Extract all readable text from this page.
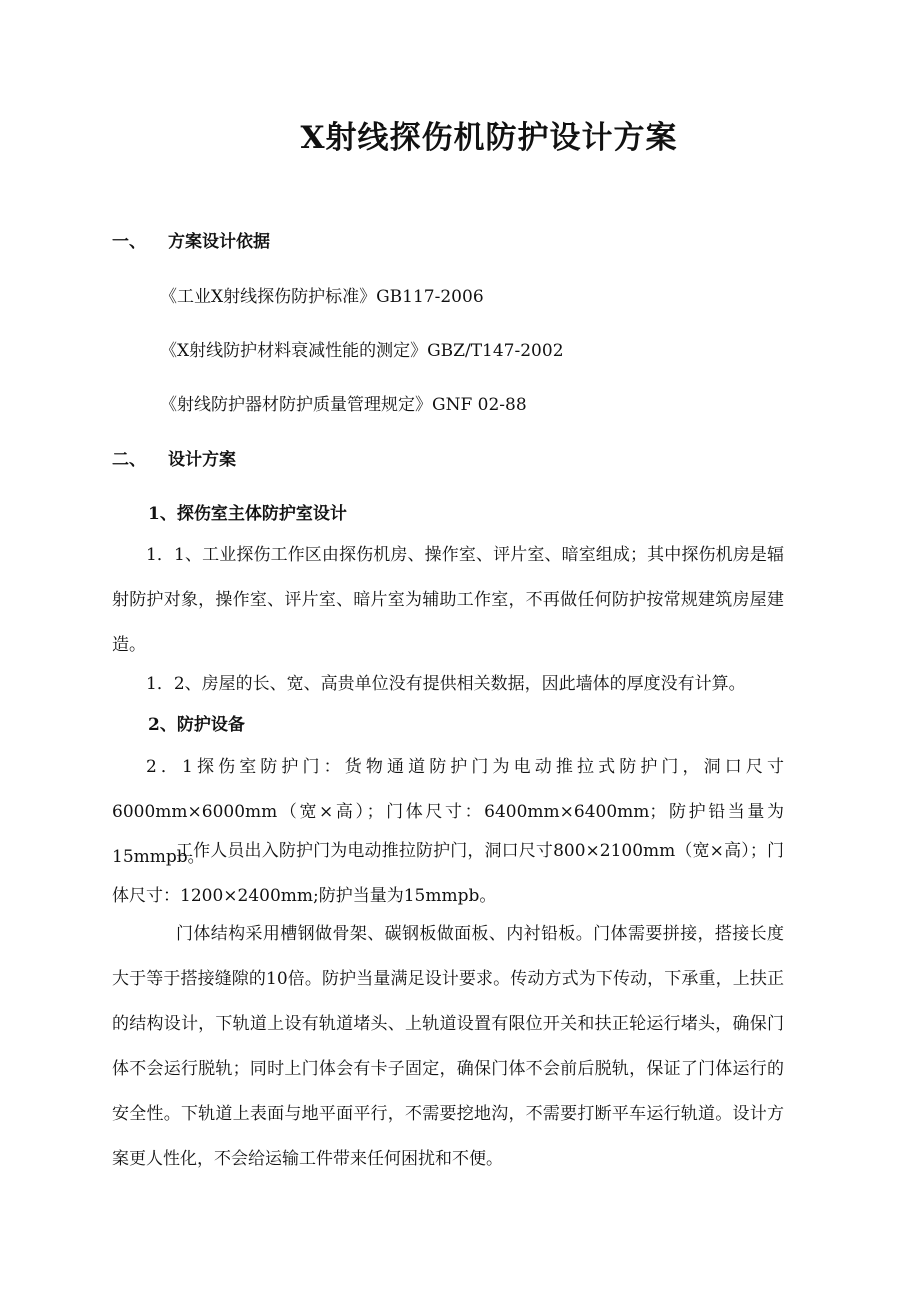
X射线探伤机防护设计方案
一、 方案设计依据
《工业X射线探伤防护标准》GB117-2006
《X射线防护材料衰减性能的测定》GBZ/T147-2002
《射线防护器材防护质量管理规定》GNF 02-88
二、 设计方案
1、探伤室主体防护室设计
1．1、工业探伤工作区由探伤机房、操作室、评片室、暗室组成；其中探伤机房是辐射防护对象，操作室、评片室、暗片室为辅助工作室，不再做任何防护按常规建筑房屋建造。
1．2、房屋的长、宽、高贵单位没有提供相关数据，因此墙体的厚度没有计算。
2、防护设备
2．1探伤室防护门：货物通道防护门为电动推拉式防护门，洞口尺寸6000mm×6000mm（宽×高）；门体尺寸：6400mm×6400mm；防护铅当量为15mmpb。
工作人员出入防护门为电动推拉防护门，洞口尺寸800×2100mm（宽×高）；门体尺寸：1200×2400mm;防护当量为15mmpb。
门体结构采用槽钢做骨架、碳钢板做面板、内衬铅板。门体需要拼接，搭接长度大于等于搭接缝隙的10倍。防护当量满足设计要求。传动方式为下传动，下承重，上扶正的结构设计，下轨道上设有轨道堵头、上轨道设置有限位开关和扶正轮运行堵头，确保门体不会运行脱轨；同时上门体会有卡子固定，确保门体不会前后脱轨，保证了门体运行的安全性。下轨道上表面与地平面平行，不需要挖地沟，不需要打断平车运行轨道。设计方案更人性化，不会给运输工件带来任何困扰和不便。
